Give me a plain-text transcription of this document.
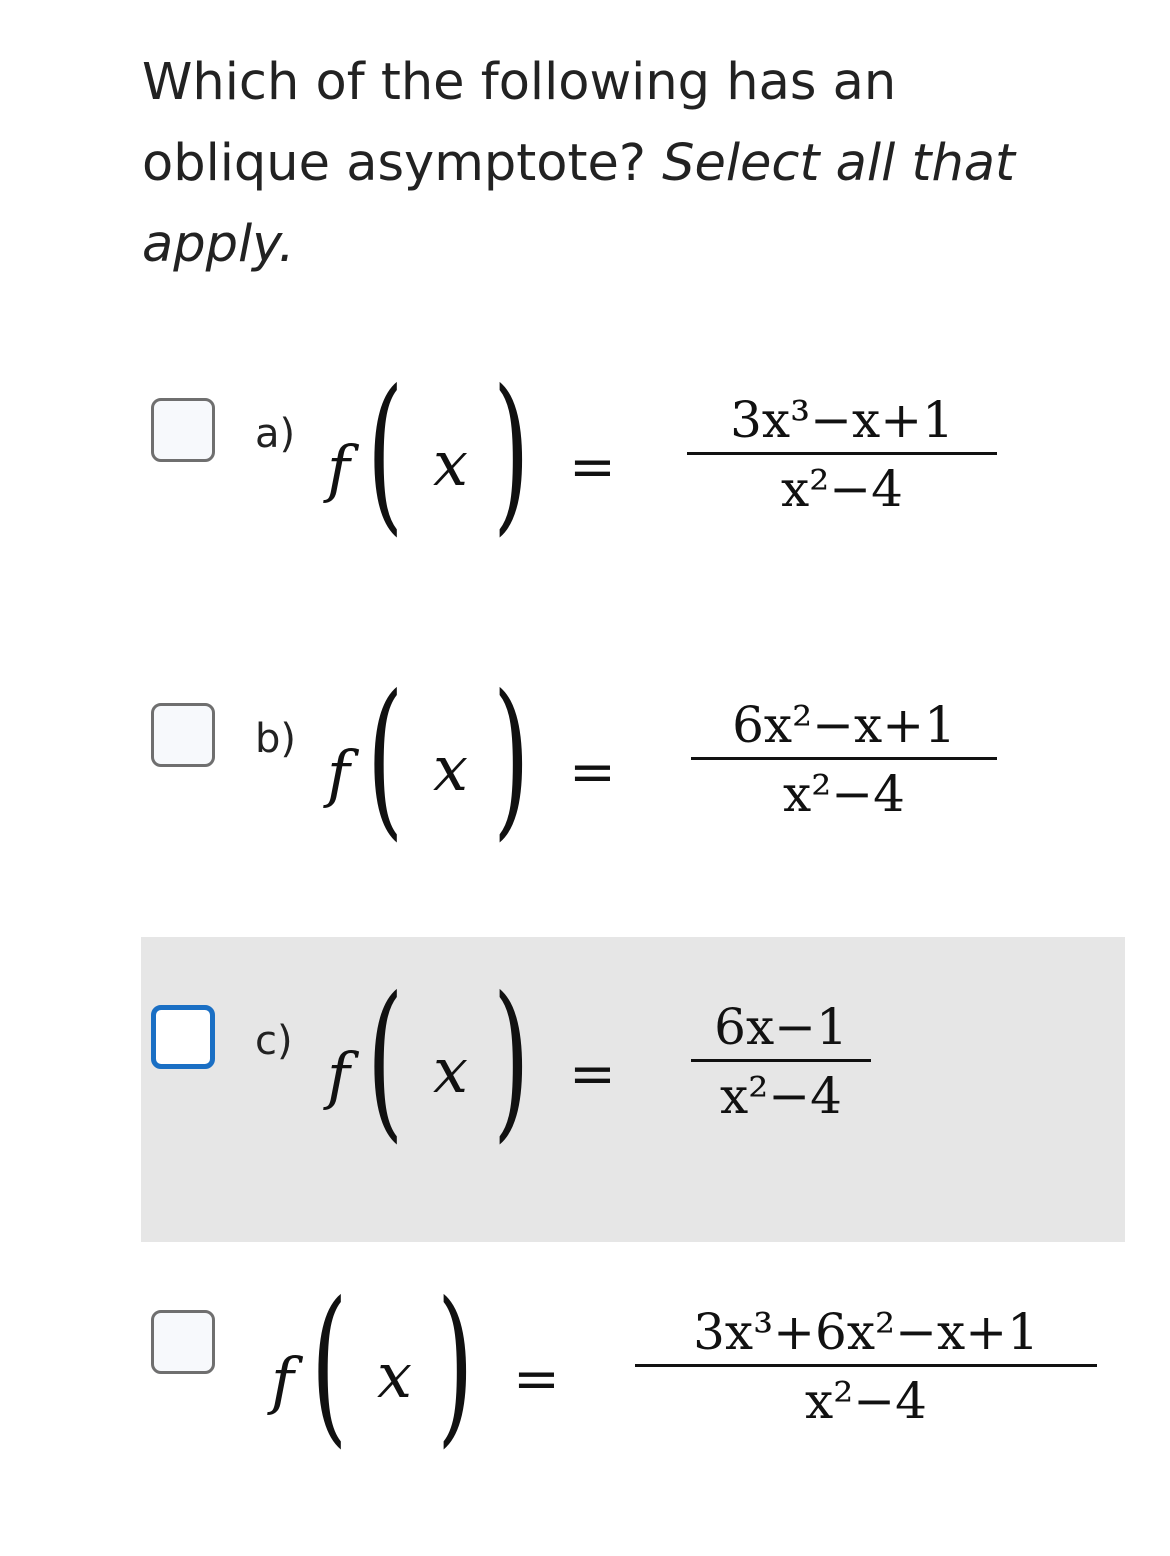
Which of the following has an oblique asymptote? Select all that apply.
a) f ( x ) =
3x³−x+1
x²−4
b) f ( x ) =
6x²−x+1
x²−4
c) f ( x ) =
6x−1
x²−4
f ( x ) =
3x³+6x²−x+1
x²−4
